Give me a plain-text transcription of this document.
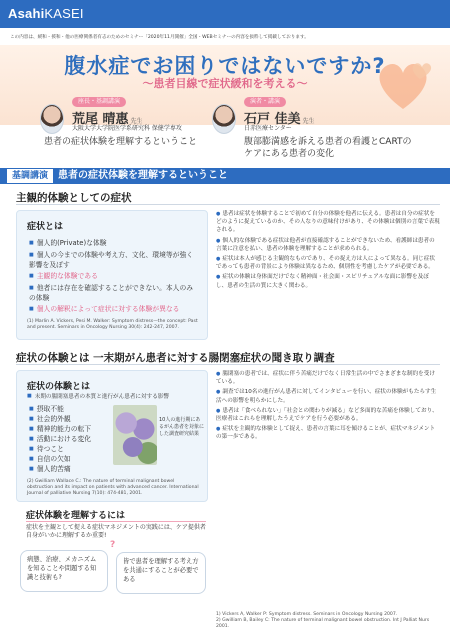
AsahiKASEI
この内容は、緩和・援和・他の医療関係者有志のためのセミナー「2020年11月開催」全国・WEBセミナーの内容を抜粋して掲載しております。
腹水症でお困りではないですか?
〜患者目線で症状緩和を考える〜
座長・基調講演
荒尾 晴惠 先生
大阪大学大学院医学系研究科 保健学専攻
患者の症状体験を理解するということ
演者・講演
石戸 佳美 先生
日赤医療センター
腹部膨満感を訴える患者の看護とCARTの
ケアにある患者の変化
基調講演 患者の症状体験を理解するということ
主観的体験としての症状
症状とは
■ 個人的(Private)な体験
■ 個人の今までの体験や考え方、文化、環境等が強く影響を及ぼす
■ 主観的な体験である
■ 他者には存在を確認することができない。本人のみの体験
■ 個人の解釈によって症状に対する体験が異なる
(1) Marlin A. Vickers, Pesi M. Walker: Symptom distress—the concept: Past and present. Seminars in Oncology Nursing 30(4): 242-247, 2007.

● 患者は症状を体験することで初めて自分の体験を他者に伝える。患者は自分の症状をどのように捉えているのか、その人なりの意味付けがあり、その体験は個別の言葉で表現される。

● 個人的な体験である症状は他者が直接確認することができないため、看護師は患者の言葉に注意を払い、患者の体験を理解することが求められる。

● 症状は本人が感じる主観的なものであり、その捉え方は人によって異なる。同じ症状であっても患者の背景により体験は異なるため、個別性を考慮したケアが必要である。

● 症状の体験は身体面だけでなく精神面・社会面・スピリチュアルな面に影響を及ぼし、患者の生活の質に大きく関わる。

症状の体験とは 一末期がん患者に対する腸閉塞症状の聞き取り調査
症状の体験とは
■ 末期の腸閉塞患者の本質と進行がん患者に対する影響
■ 摂取不能
■ 社会的外観
■ 精神的能力の転下
■ 活動における変化
■ 待つこと
■ 自信の欠如
■ 個人的苦痛
10人の進行期にあるがん患者を対象にした調査研究結果
(2) Gwilliam Wallace C.: The nature of terminal malignant bowel obstruction and its impact on patients with advanced cancer. International Journal of palliative Nursing 7(10): 474-481, 2001.
症状体験を理解するには
症状を主観として捉える症状マネジメントの実践には、ケア提供者自身がいかに理解するか重要!
病態、治療、メカニズムを知ることや問題する知識と技術も?
皆で患者を理解する考え方を共通にすることが必要である
?

● 腸閉塞の患者では、症状に伴う苦痛だけでなく日常生活の中でさまざまな制約を受けている。

● 調査では10名の進行がん患者に対してインタビューを行い、症状の体験がもたらす生活への影響を明らかにした。

● 患者は「食べられない」「社会との関わりが減る」など多面的な苦痛を体験しており、医療者はこれらを理解したうえでケアを行う必要がある。

● 症状を主観的な体験として捉え、患者の言葉に耳を傾けることが、症状マネジメントの第一歩である。

1) Vickers A, Walker P: Symptom distress. Seminars in Oncology Nursing 2007.
2) Gwilliam B, Bailey C: The nature of terminal malignant bowel obstruction. Int J Palliat Nurs 2001.
